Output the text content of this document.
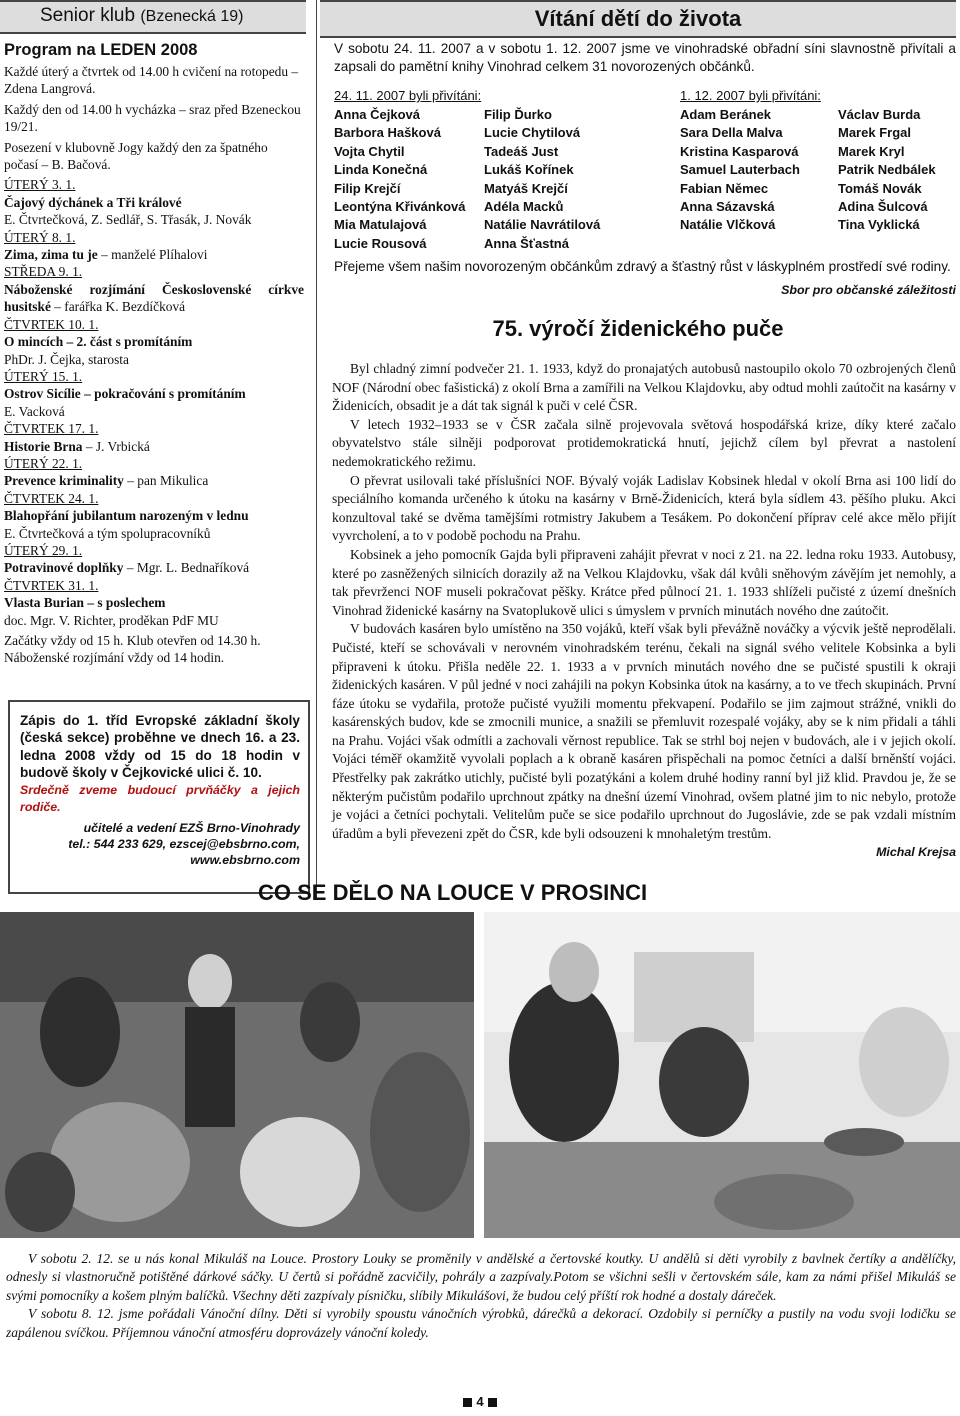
Senior klub (Bzenecká 19)
Program na LEDEN 2008

Každé úterý a čtvrtek od 14.00 h cvičení na rotopedu – Zdena Langrová.

Každý den od 14.00 h vycházka – sraz před Bzeneckou 19/21.

Posezení v klubovně Jogy každý den za špatného počasí – B. Bačová.

ÚTERÝ 3. 1.
Čajový dýchánek a Tři králové
E. Čtvrtečková, Z. Sedlář, S. Třasák, J. Novák
ÚTERÝ 8. 1.
Zima, zima tu je – manželé Plíhalovi
STŘEDA 9. 1.
Náboženské rozjímání Československé církve husitské – farářka K. Bezdíčková
ČTVRTEK 10. 1.
O mincích – 2. část s promítáním
PhDr. J. Čejka, starosta
ÚTERÝ 15. 1.
Ostrov Sicílie – pokračování s promítáním
E. Vacková
ČTVRTEK 17. 1.
Historie Brna – J. Vrbická
ÚTERÝ 22. 1.
Prevence kriminality – pan Mikulica
ČTVRTEK 24. 1.
Blahopřání jubilantum narozeným v lednu
E. Čtvrtečková a tým spolupracovníků
ÚTERÝ 29. 1.
Potravinové doplňky – Mgr. L. Bednaříková
ČTVRTEK 31. 1.
Vlasta Burian – s poslechem
doc. Mgr. V. Richter, proděkan PdF MU

Začátky vždy od 15 h. Klub otevřen od 14.30 h. Náboženské rozjímání vždy od 14 hodin.

Zápis do 1. tříd Evropské základní školy (česká sekce) proběhne ve dnech 16. a 23. ledna 2008 vždy od 15 do 18 hodin v budově školy v Čejkovické ulici č. 10.
Srdečně zveme budoucí prvňáčky a jejich rodiče.
učitelé a vedení EZŠ Brno-Vinohrady
tel.: 544 233 629, ezscej@ebsbrno.com,
www.ebsbrno.com
Vítání dětí do života
V sobotu 24. 11. 2007 a v sobotu 1. 12. 2007 jsme ve vinohradské obřadní síni slavnostně přivítali a zapsali do pamětní knihy Vinohrad celkem 31 novorozených občánků.
24. 11. 2007 byli přivítáni:	1. 12. 2007 byli přivítáni:
Anna Čejková
Barbora Hašková
Vojta Chytil
Linda Konečná
Filip Krejčí
Leontýna Křivánková
Mia Matulajová
Lucie Rousová
Filip Ďurko
Lucie Chytilová
Tadeáš Just
Lukáš Kořínek
Matyáš Krejčí
Adéla Macků
Natálie Navrátilová
Anna Šťastná
Adam Beránek
Sara Della Malva
Kristina Kasparová
Samuel Lauterbach
Fabian Němec
Anna Sázavská
Natálie Vlčková
Václav Burda
Marek Frgal
Marek Kryl
Patrik Nedbálek
Tomáš Novák
Adina Šulcová
Tina Vyklická
Přejeme všem našim novorozeným občánkům zdravý a šťastný růst v láskyplném prostředí své rodiny.
Sbor pro občanské záležitosti
75. výročí židenického puče

Byl chladný zimní podvečer 21. 1. 1933, když do pronajatých autobusů nastoupilo okolo 70 ozbrojených členů NOF (Národní obec fašistická) z okolí Brna a zamířili na Velkou Klajdovku, aby odtud mohli zaútočit na kasárny v Židenicích, obsadit je a dát tak signál k puči v celé ČSR.

V letech 1932–1933 se v ČSR začala silně projevovala světová hospodářská krize, díky které začalo obyvatelstvo stále silněji podporovat protidemokratická hnutí, jejichž cílem byl převrat a nastolení nedemokratického režimu.

O převrat usilovali také příslušníci NOF. Bývalý voják Ladislav Kobsinek hledal v okolí Brna asi 100 lidí do speciálního komanda určeného k útoku na kasárny v Brně-Židenicích, která byla sídlem 43. pěšího pluku. Akci konzultoval také se dvěma tamějšími rotmistry Jakubem a Tesákem. Po dokončení příprav celé akce mělo přijít vyvrcholení, a to v podobě pochodu na Prahu.

Kobsinek a jeho pomocník Gajda byli připraveni zahájit převrat v noci z 21. na 22. ledna roku 1933. Autobusy, které po zasněžených silnicích dorazily až na Velkou Klajdovku, však dál kvůli sněhovým závějím jet nemohly, a tak převrženci NOF museli pokračovat pěšky. Krátce před půlnocí 21. 1. 1933 shlíželi pučisté z území dnešních Vinohrad židenické kasárny na Svatoplukově ulici s úmyslem v prvních minutách nového dne zaútočit.

V budovách kasáren bylo umístěno na 350 vojáků, kteří však byli převážně nováčky a výcvik ještě neprodělali. Pučisté, kteří se schovávali v nerovném vinohradském terénu, čekali na signál svého velitele Kobsinka a byli připraveni k útoku. Přišla neděle 22. 1. 1933 a v prvních minutách nového dne se pučisté spustili k okraji židenických kasáren. V půl jedné v noci zahájili na pokyn Kobsinka útok na kasárny, a to ve třech skupinách. První fáze útoku se vydařila, protože pučisté využili momentu překvapení. Podařilo se jim zajmout strážné, vnikli do kasárenských budov, kde se zmocnili munice, a snažili se přemluvit rozespalé vojáky, aby se k nim přidali a táhli na Prahu. Vojáci však odmítli a zachovali věrnost republice. Tak se strhl boj nejen v budovách, ale i v jejich okolí. Vojáci téměř okamžitě vyvolali poplach a k obraně kasáren přispěchali na pomoc četníci a další brněnští vojáci. Přestřelky pak zakrátko utichly, pučisté byli pozatýkáni a kolem druhé hodiny ranní byl již klid. Pravdou je, že se některým pučistům podařilo uprchnout zpátky na dnešní území Vinohrad, ovšem platné jim to nic nebylo, protože je vojáci a četníci pochytali. Velitelům puče se sice podařilo uprchnout do Jugoslávie, zde se pak vzdali místním úřadům a byli převezeni zpět do ČSR, kde byli odsouzeni k mnohaletým trestům.

Michal Krejsa
CO SE DĚLO NA LOUCE V PROSINCI

V sobotu 2. 12. se u nás konal Mikuláš na Louce. Prostory Louky se proměnily v andělské a čertovské koutky. U andělů si děti vyrobily z bavlnek čertíky a andělíčky, odnesly si vlastnoručně potištěné dárkové sáčky. U čertů si pořádně zacvičily, pohrály a zazpívaly.Potom se všichni sešli v čertovském sále, kam za námi přišel Mikuláš se svými pomocníky a košem plným balíčků. Všechny děti zazpívaly písničku, slíbily Mikulášovi, že budou celý příští rok hodné a dostaly dáreček.

V sobotu 8. 12. jsme pořádali Vánoční dílny. Děti si vyrobily spoustu vánočních výrobků, dárečků a dekorací. Ozdobily si perníčky a pustily na vodu svoji lodičku se zapálenou svíčkou. Příjemnou vánoční atmosféru doprovázely vánoční koledy.

4
